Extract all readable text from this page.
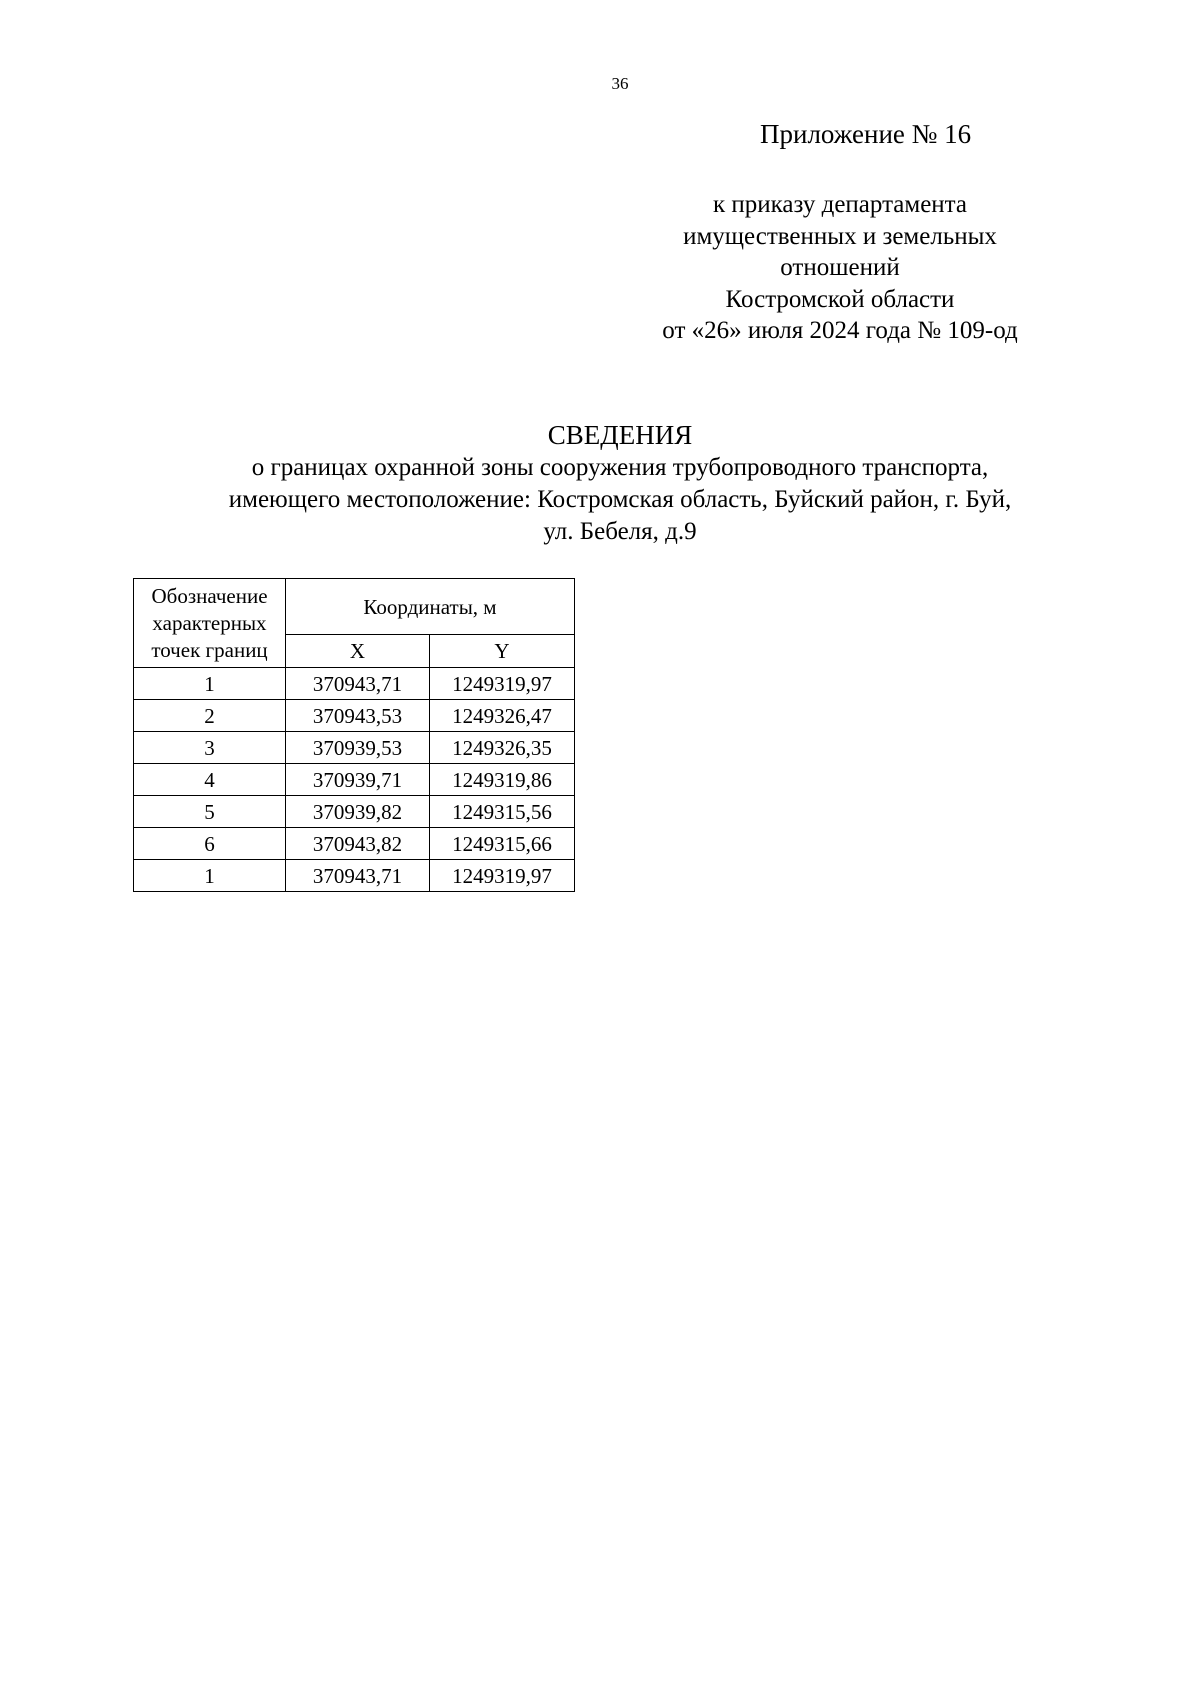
36
Приложение № 16
к приказу департамента
имущественных и земельных
отношений
Костромской области
от «26» июля 2024 года № 109-од
СВЕДЕНИЯ
о границах охранной зоны сооружения трубопроводного транспорта,
имеющего местоположение: Костромская область, Буйский район, г. Буй,
ул. Бебеля, д.9
Обозначение характерных точек границ	Координаты, м	
	X	Y
1	370943,71	1249319,97
2	370943,53	1249326,47
3	370939,53	1249326,35
4	370939,71	1249319,86
5	370939,82	1249315,56
6	370943,82	1249315,66
1	370943,71	1249319,97
